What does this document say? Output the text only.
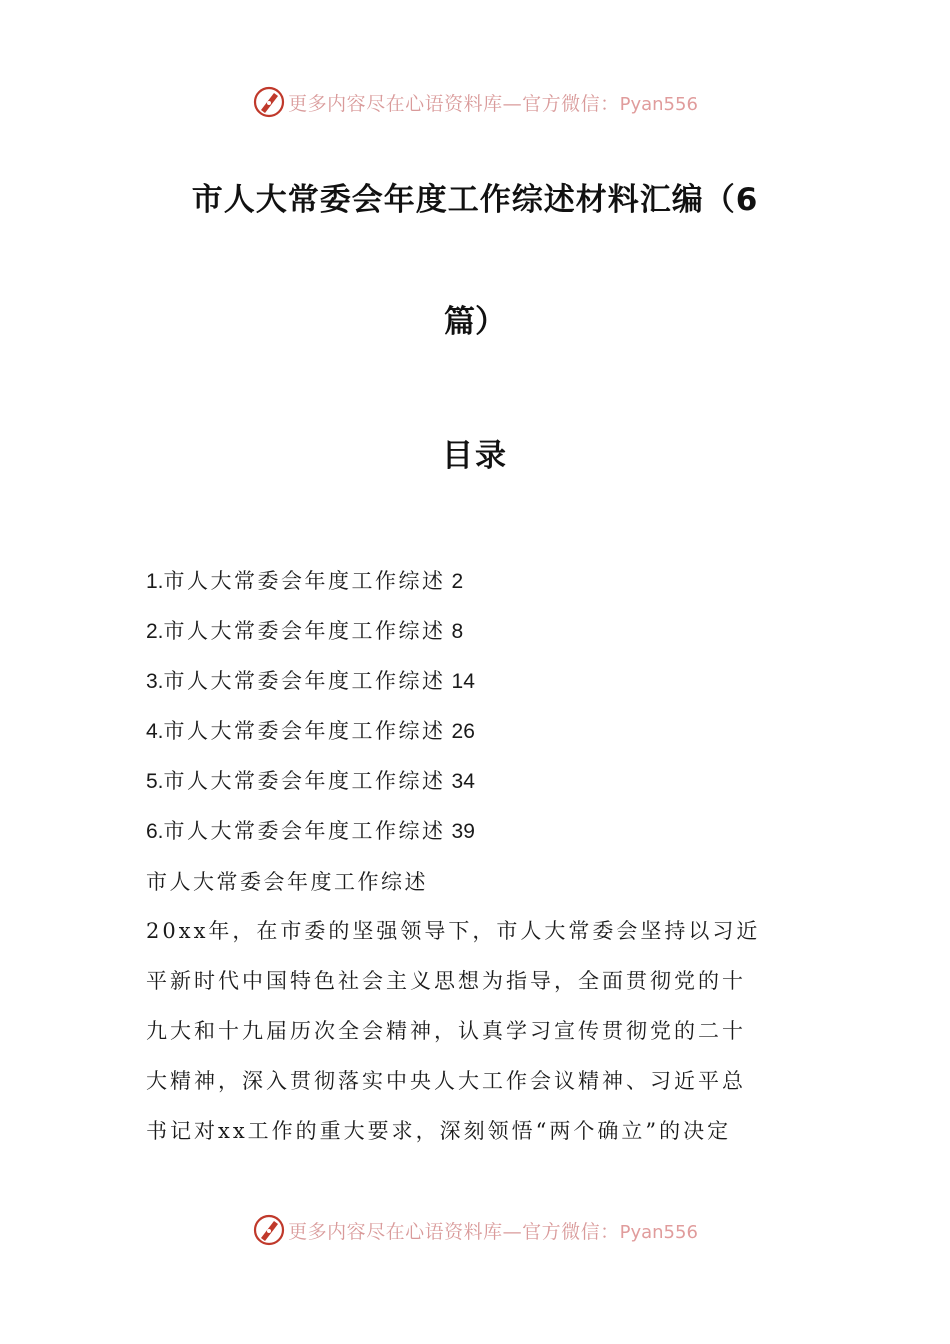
更多内容尽在心语资料库—官方微信：Pyan556
市人大常委会年度工作综述材料汇编（6
篇）
目录
1.市人大常委会年度工作综述 2
2.市人大常委会年度工作综述 8
3.市人大常委会年度工作综述 14
4.市人大常委会年度工作综述 26
5.市人大常委会年度工作综述 34
6.市人大常委会年度工作综述 39
市人大常委会年度工作综述
20xx年，在市委的坚强领导下，市人大常委会坚持以习近
平新时代中国特色社会主义思想为指导，全面贯彻党的十
九大和十九届历次全会精神，认真学习宣传贯彻党的二十
大精神，深入贯彻落实中央人大工作会议精神、习近平总
书记对xx工作的重大要求，深刻领悟“两个确立”的决定
更多内容尽在心语资料库—官方微信：Pyan556
